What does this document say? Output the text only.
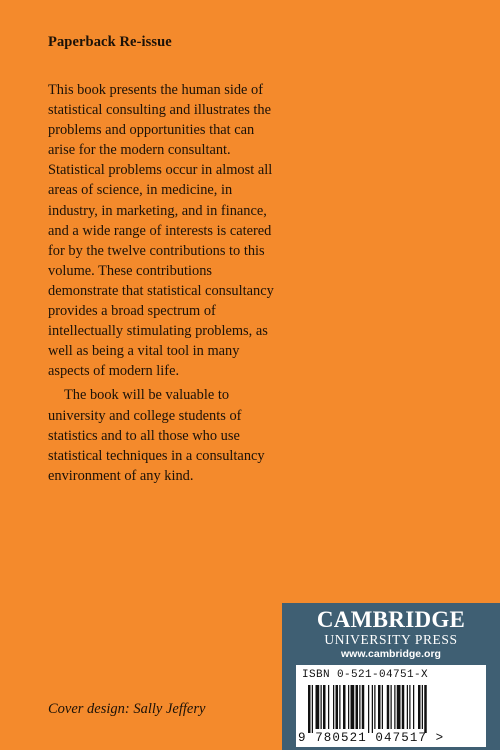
Paperback Re-issue

This book presents the human side of statistical consulting and illustrates the problems and opportunities that can arise for the modern consultant. Statistical problems occur in almost all areas of science, in medicine, in industry, in marketing, and in finance, and a wide range of interests is catered for by the twelve contributions to this volume. These contributions demonstrate that statistical consultancy provides a broad spectrum of intellectually stimulating problems, as well as being a vital tool in many aspects of modern life.

The book will be valuable to university and college students of statistics and to all those who use statistical techniques in a consultancy environment of any kind.

Cover design: Sally Jeffery
CAMBRIDGE
UNIVERSITY PRESS
www.cambridge.org
ISBN 0-521-04751-X
9 780521 047517 >
